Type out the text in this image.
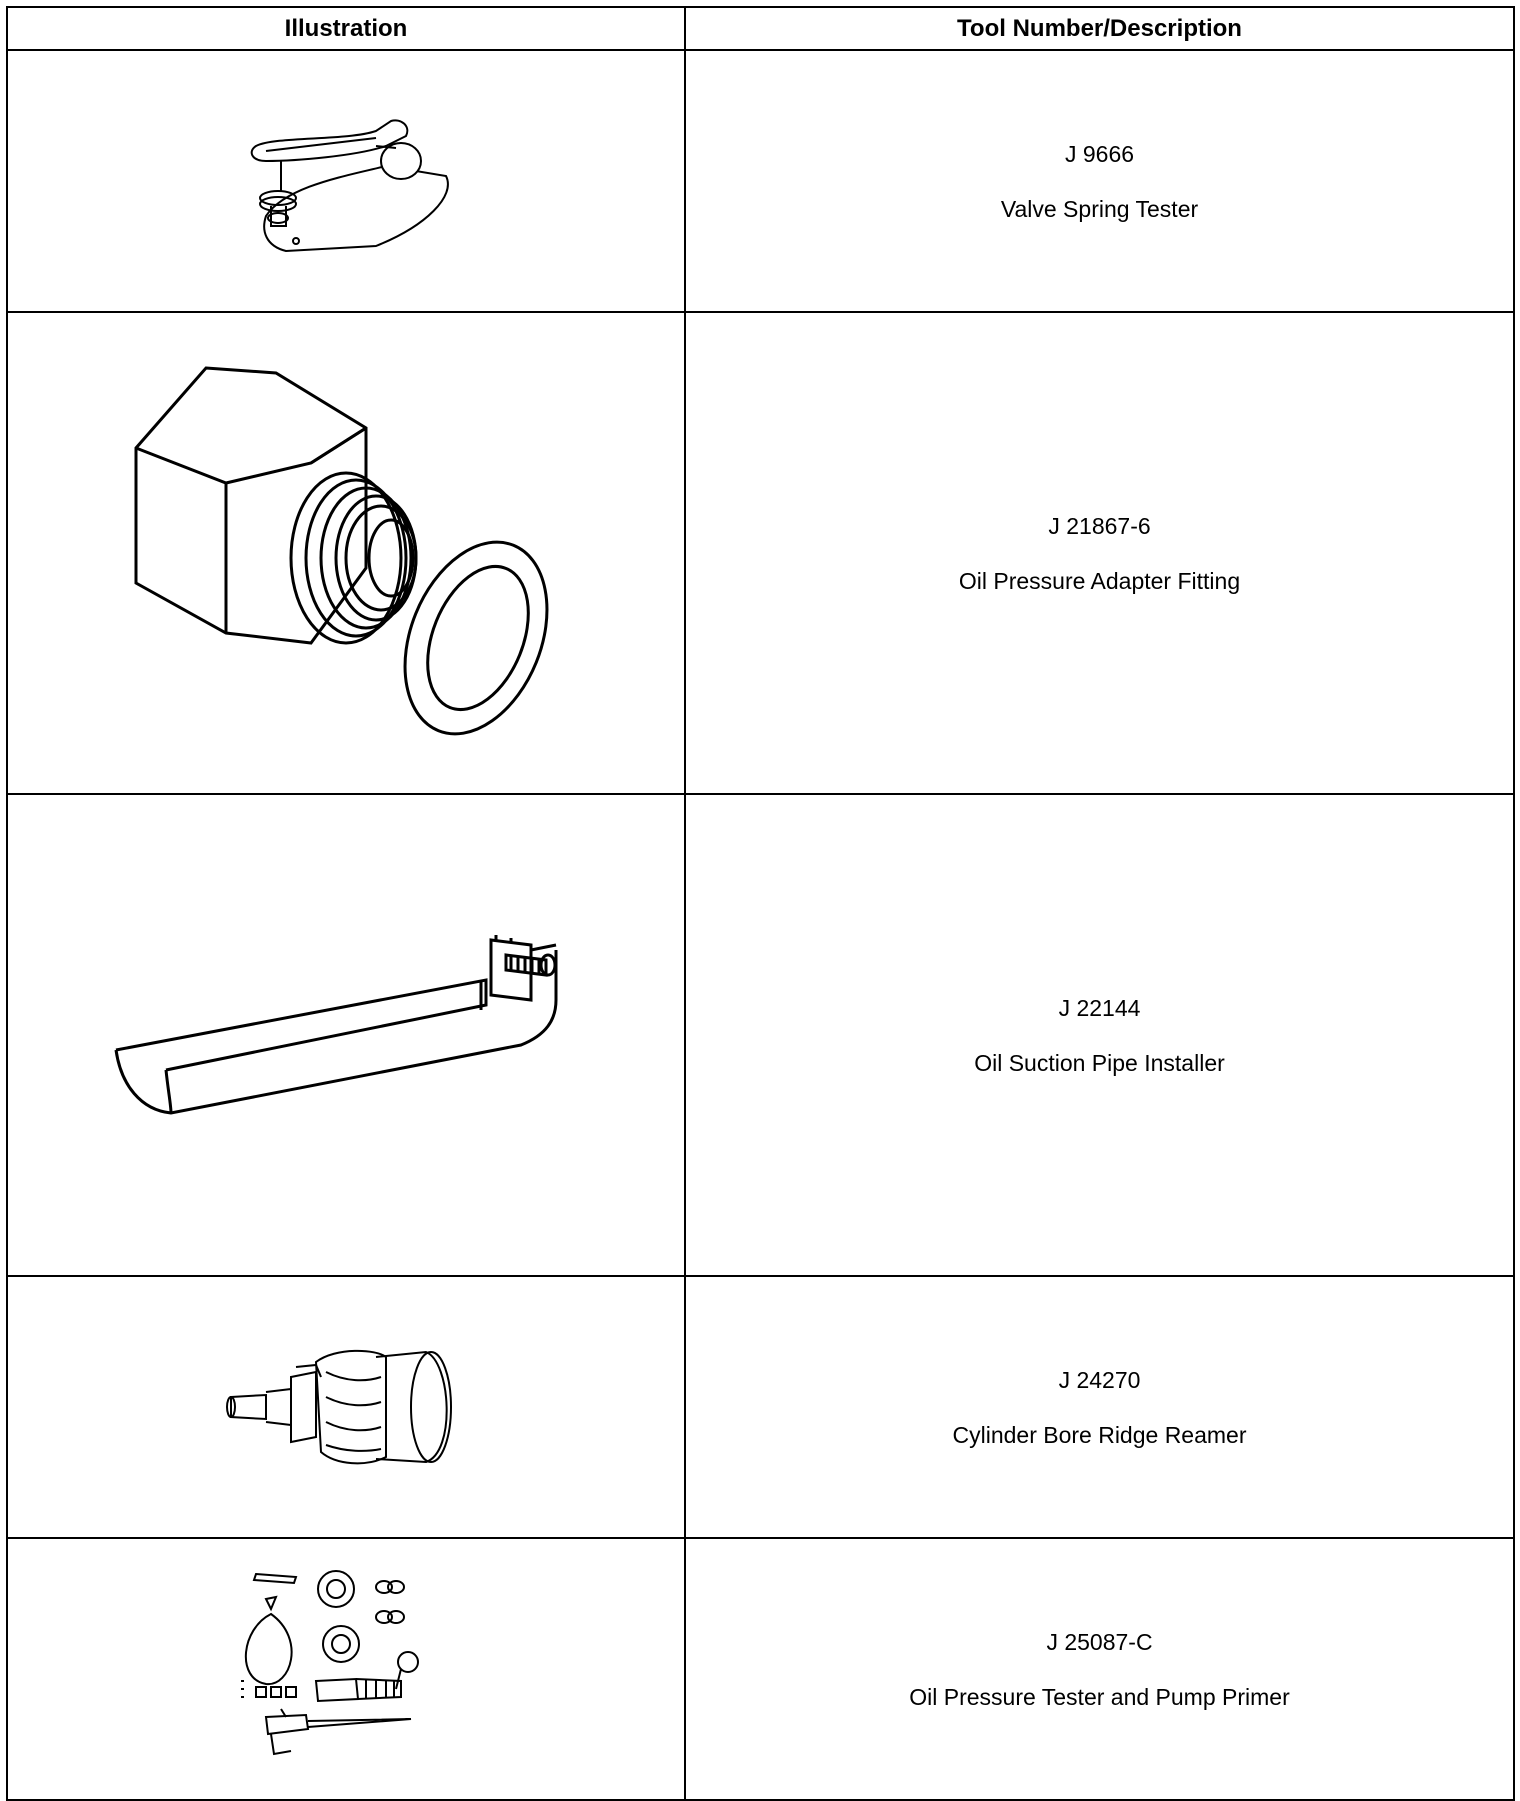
Illustration	Tool Number/Description

J 9666

Valve Spring Tester

J 21867-6

Oil Pressure Adapter Fitting

J 22144

Oil Suction Pipe Installer

J 24270

Cylinder Bore Ridge Reamer

J 25087-C

Oil Pressure Tester and Pump Primer
